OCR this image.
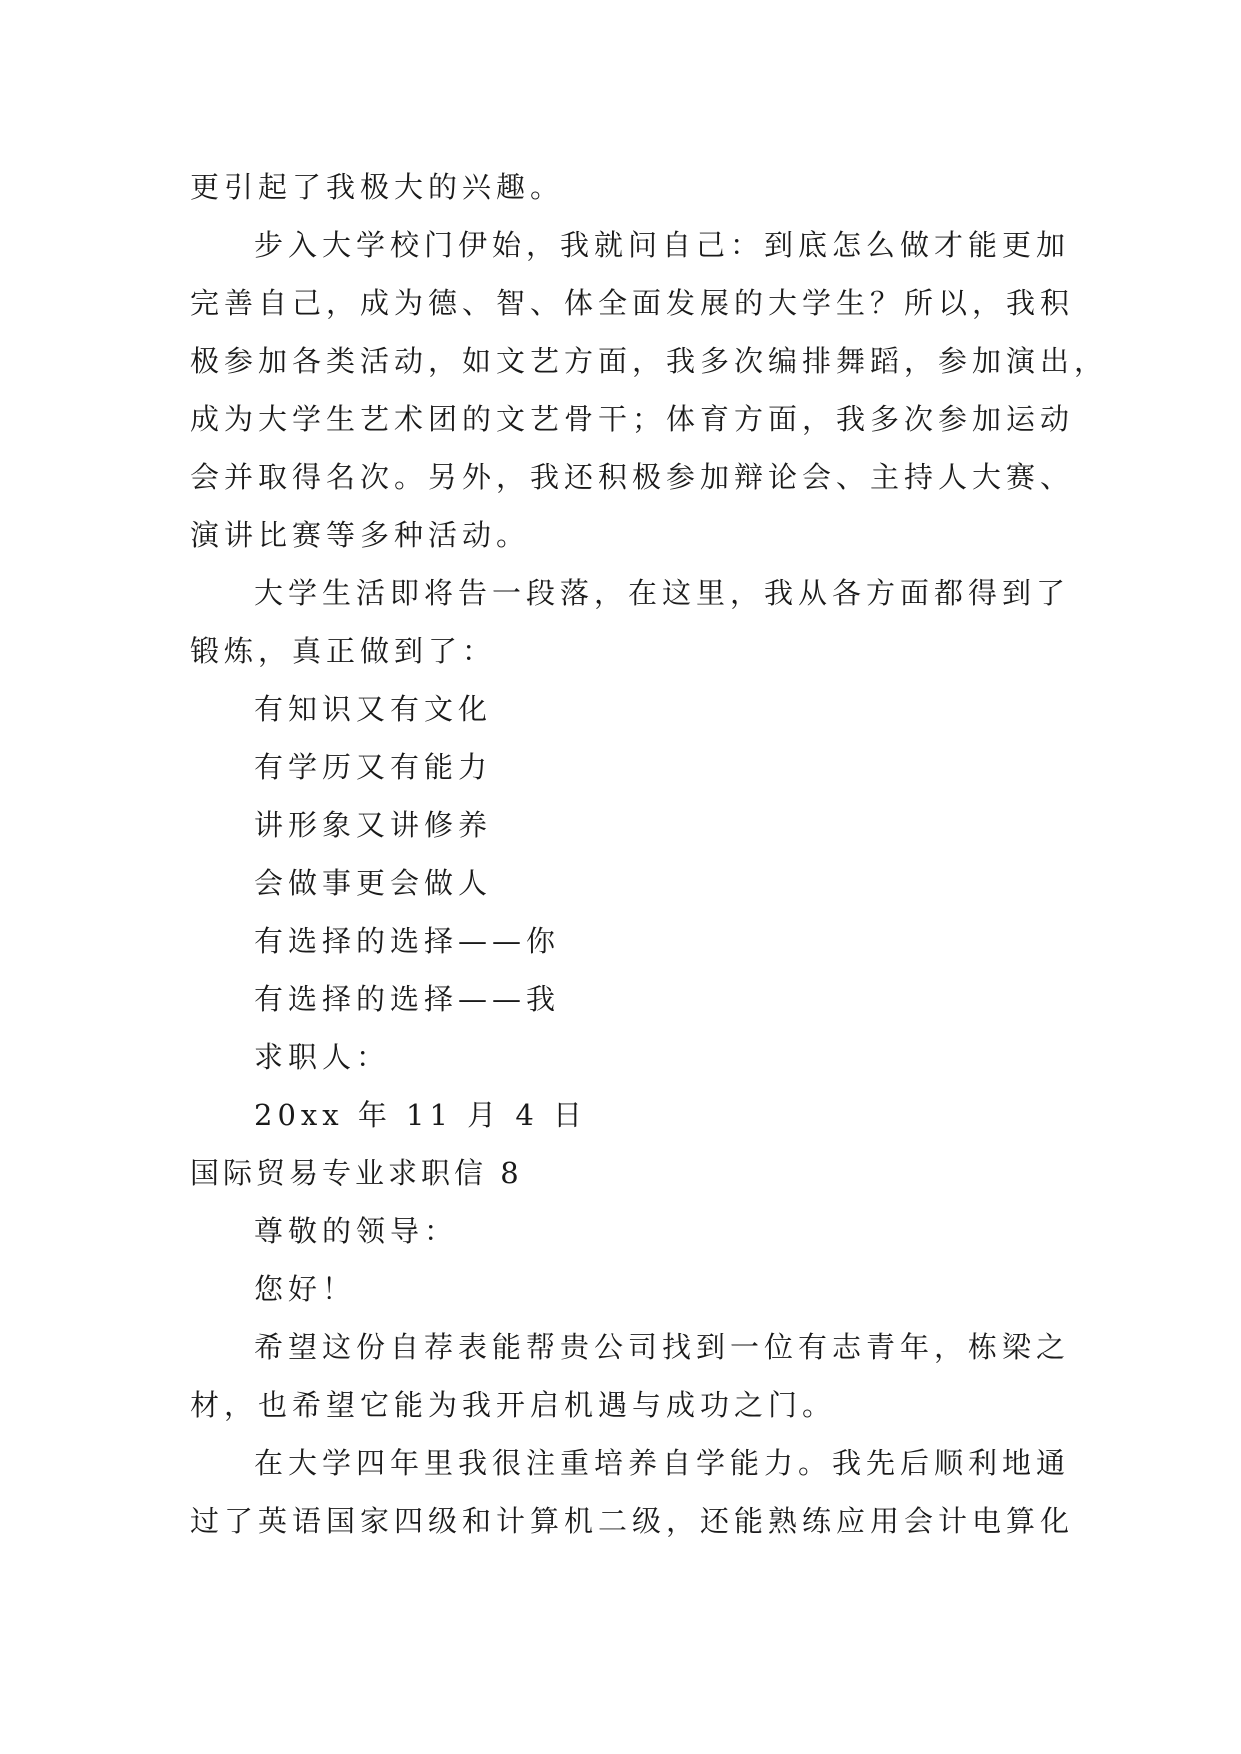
更引起了我极大的兴趣。
步入大学校门伊始，我就问自己：到底怎么做才能更加
完善自己，成为德、智、体全面发展的大学生？所以，我积
极参加各类活动，如文艺方面，我多次编排舞蹈，参加演出，
成为大学生艺术团的文艺骨干；体育方面，我多次参加运动
会并取得名次。另外，我还积极参加辩论会、主持人大赛、
演讲比赛等多种活动。
大学生活即将告一段落，在这里，我从各方面都得到了
锻炼，真正做到了：
有知识又有文化
有学历又有能力
讲形象又讲修养
会做事更会做人
有选择的选择——你
有选择的选择——我
求职人：
20xx 年 11 月 4 日
国际贸易专业求职信 8
尊敬的领导：
您好！
希望这份自荐表能帮贵公司找到一位有志青年，栋梁之
材，也希望它能为我开启机遇与成功之门。
在大学四年里我很注重培养自学能力。我先后顺利地通
过了英语国家四级和计算机二级，还能熟练应用会计电算化
